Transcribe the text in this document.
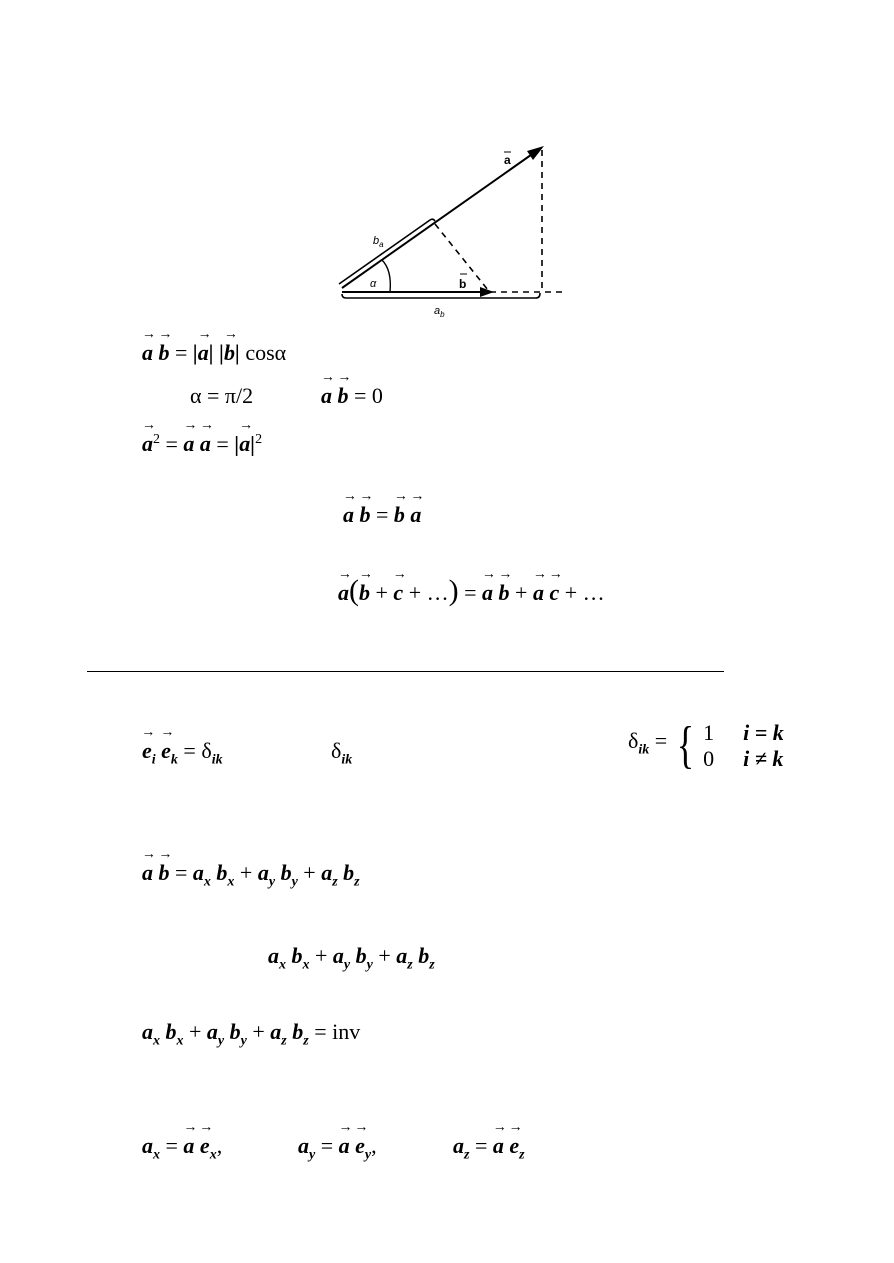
a
b
α
$b_a$
$a_b$
→ a → b = |→ a| |→ b| cosα
α = π/2	→ a → b = 0
→ $a^2$ = → a → a = |→ $a|^2$
→ a → b = → b → a
→ a(→ b + → c + …) = → a → b + → a → c + …
→ $e_i \to e_k = \delta_{ik}$	$\delta_{ik}$
$\delta_{ik}$ = { 1 i = k
0 i ≠ k
→ $a \to b = a_x$ $b_x + a_y$ $b_y + a_z$ $b_z$
$a_x$ $b_x + a_y$ $b_y + a_z$ $b_z$
$a_x$ $b_x + a_y$ $b_y + a_z$ $b_z$ = inv
$a_x$ = → $a \to e_x$,	$a_y$ = → $a \to e_y$,	$a_z$ = → $a \to e_z$
